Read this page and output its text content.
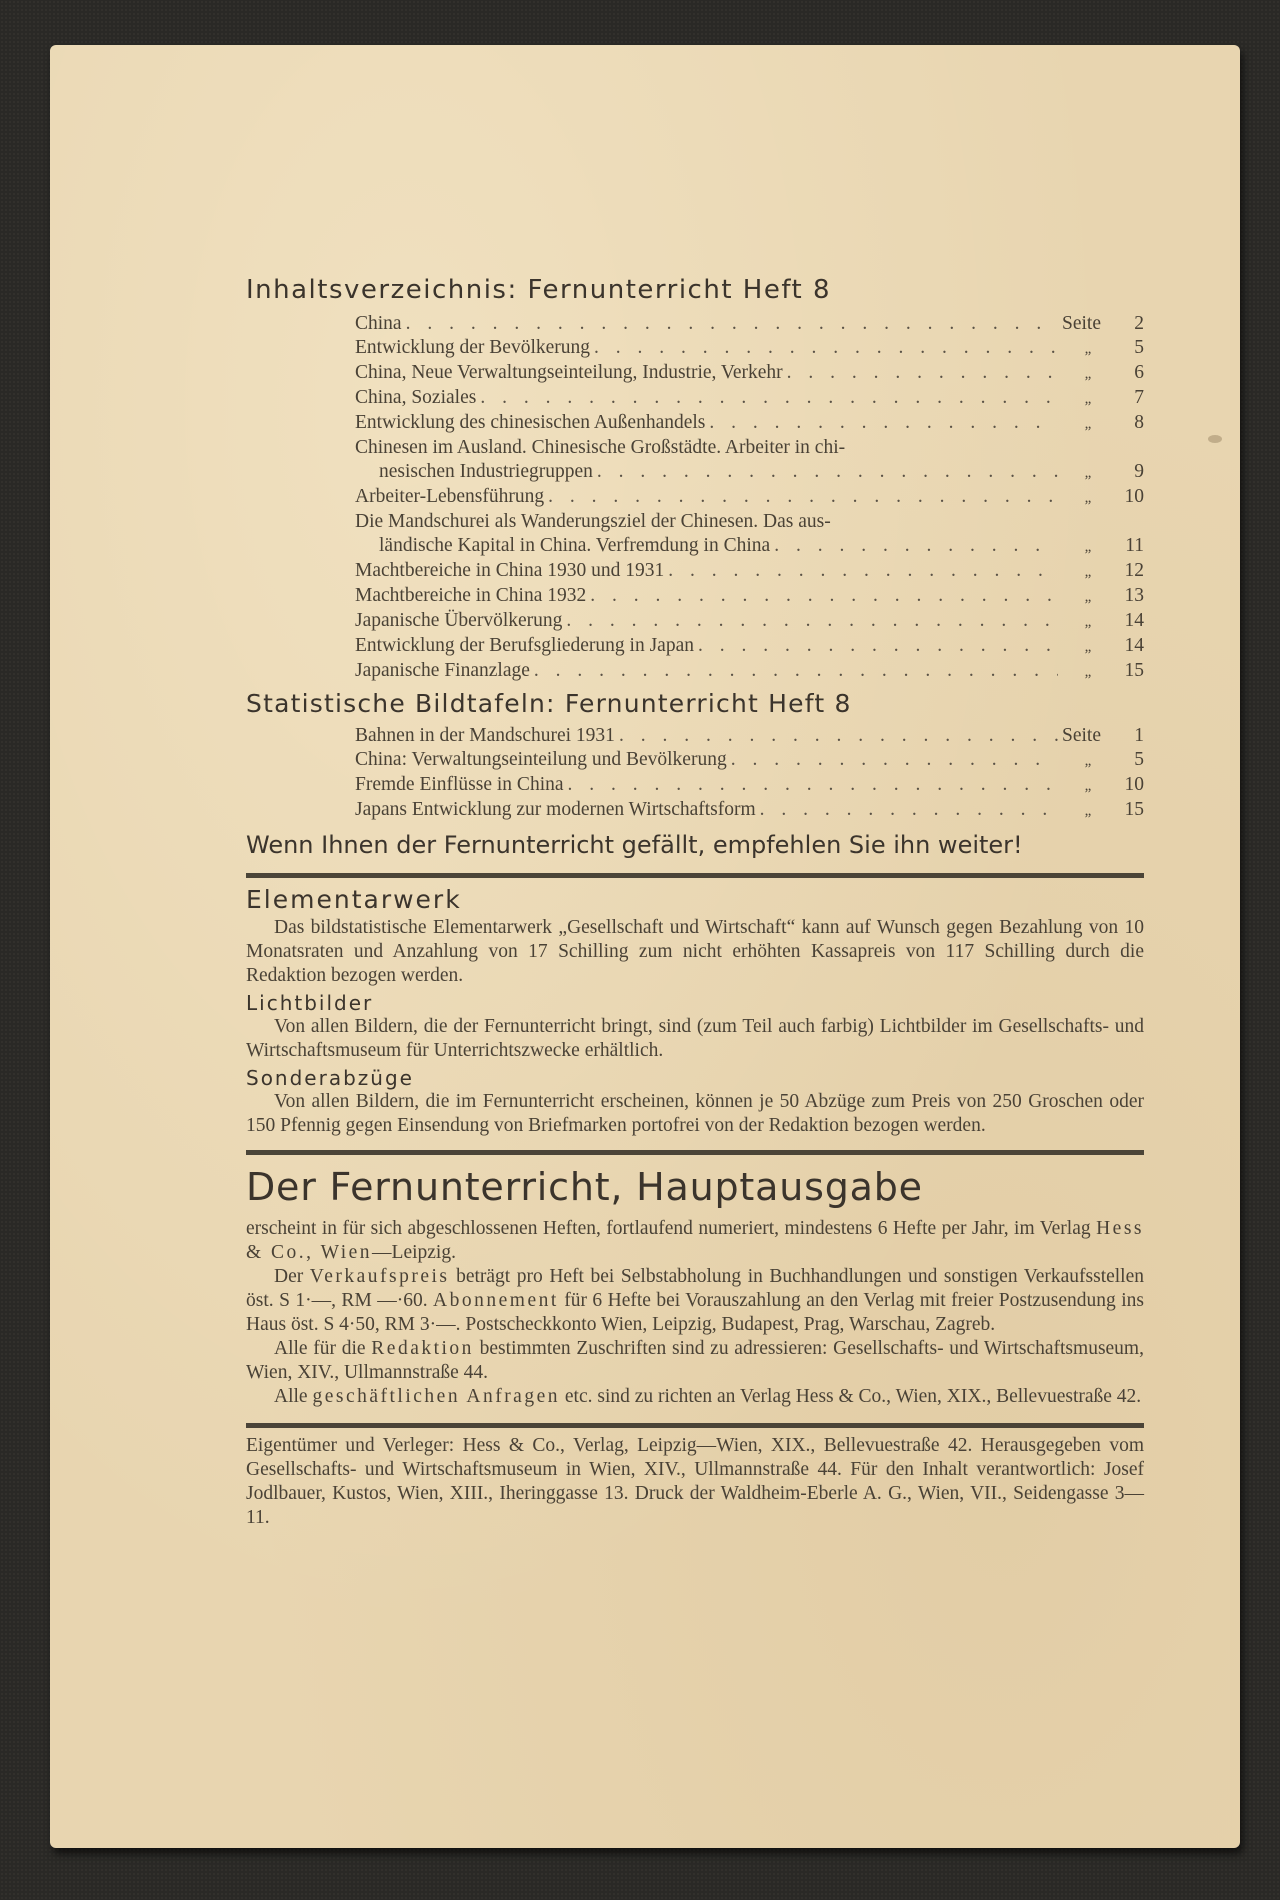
Inhaltsverzeichnis: Fernunterricht Heft 8
China . . .	Seite	2
Entwicklung der Bevölkerung . . .	„	5
China, Neue Verwaltungseinteilung, Industrie, Verkehr . . .	„	6
China, Soziales . . .	„	7
Entwicklung des chinesischen Außenhandels . . .	„	8
Chinesen im Ausland. Chinesische Großstädte. Arbeiter in chi-
nesischen Industriegruppen . . .	„	9
Arbeiter-Lebensführung . . .	„	10
Die Mandschurei als Wanderungsziel der Chinesen. Das aus-
ländische Kapital in China. Verfremdung in China . . .	„	11
Machtbereiche in China 1930 und 1931 . . .	„	12
Machtbereiche in China 1932 . . .	„	13
Japanische Übervölkerung . . .	„	14
Entwicklung der Berufsgliederung in Japan . . .	„	14
Japanische Finanzlage . . .	„	15
Statistische Bildtafeln: Fernunterricht Heft 8
Bahnen in der Mandschurei 1931 . . .	Seite	1
China: Verwaltungseinteilung und Bevölkerung . . .	„	5
Fremde Einflüsse in China . . .	„	10
Japans Entwicklung zur modernen Wirtschaftsform . . .	„	15
Wenn Ihnen der Fernunterricht gefällt, empfehlen Sie ihn weiter!
Elementarwerk

Das bildstatistische Elementarwerk „Gesellschaft und Wirtschaft“ kann auf Wunsch gegen Bezahlung von 10 Monatsraten und Anzahlung von 17 Schilling zum nicht erhöhten Kassapreis von 117 Schilling durch die Redaktion bezogen werden.

Lichtbilder

Von allen Bildern, die der Fernunterricht bringt, sind (zum Teil auch farbig) Lichtbilder im Gesellschafts- und Wirtschaftsmuseum für Unterrichtszwecke erhältlich.

Sonderabzüge

Von allen Bildern, die im Fernunterricht erscheinen, können je 50 Abzüge zum Preis von 250 Groschen oder 150 Pfennig gegen Einsendung von Briefmarken portofrei von der Redaktion bezogen werden.

Der Fernunterricht, Hauptausgabe

erscheint in für sich abgeschlossenen Heften, fortlaufend numeriert, mindestens 6 Hefte per Jahr, im Verlag Hess & Co., Wien—Leipzig.

Der Verkaufspreis beträgt pro Heft bei Selbstabholung in Buchhandlungen und sonstigen Verkaufsstellen öst. S 1·—, RM —·60. Abonnement für 6 Hefte bei Vorauszahlung an den Verlag mit freier Postzusendung ins Haus öst. S 4·50, RM 3·—. Postscheckkonto Wien, Leipzig, Budapest, Prag, Warschau, Zagreb.

Alle für die Redaktion bestimmten Zuschriften sind zu adressieren: Gesellschafts- und Wirtschaftsmuseum, Wien, XIV., Ullmannstraße 44.

Alle geschäftlichen Anfragen etc. sind zu richten an Verlag Hess & Co., Wien, XIX., Bellevuestraße 42.

Eigentümer und Verleger: Hess & Co., Verlag, Leipzig—Wien, XIX., Bellevuestraße 42. Herausgegeben vom Gesellschafts- und Wirtschaftsmuseum in Wien, XIV., Ullmannstraße 44. Für den Inhalt verantwortlich: Josef Jodlbauer, Kustos, Wien, XIII., Iheringgasse 13. Druck der Waldheim-Eberle A. G., Wien, VII., Seidengasse 3—11.
